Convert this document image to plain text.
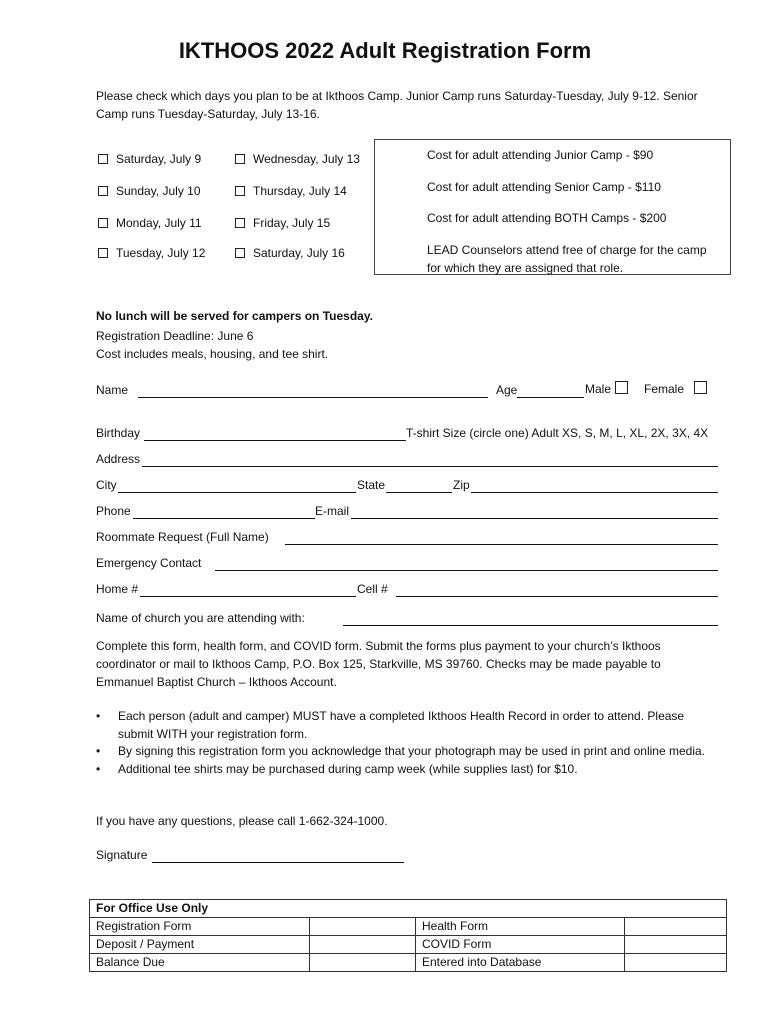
IKTHOOS 2022 Adult Registration Form
Please check which days you plan to be at Ikthoos Camp. Junior Camp runs Saturday-Tuesday, July 9-12. Senior Camp runs Tuesday-Saturday, July 13-16.
Saturday, July 9
Sunday, July 10
Monday, July 11
Tuesday, July 12
Wednesday, July 13
Thursday, July 14
Friday, July 15
Saturday, July 16
Cost for adult attending Junior Camp - $90
Cost for adult attending Senior Camp - $110
Cost for adult attending BOTH Camps - $200
LEAD Counselors attend free of charge for the camp
for which they are assigned that role.
No lunch will be served for campers on Tuesday.
Registration Deadline: June 6
Cost includes meals, housing, and tee shirt.
Name	Age	Male	Female
Birthday	T-shirt Size (circle one) Adult XS, S, M, L, XL, 2X, 3X, 4X
Address
City	State	Zip
Phone	E-mail
Roommate Request (Full Name)
Emergency Contact
Home #	Cell #
Name of church you are attending with:
Complete this form, health form, and COVID form. Submit the forms plus payment to your church’s Ikthoos coordinator or mail to Ikthoos Camp, P.O. Box 125, Starkville, MS 39760. Checks may be made payable to Emmanuel Baptist Church – Ikthoos Account.
• Each person (adult and camper) MUST have a completed Ikthoos Health Record in order to attend. Please submit WITH your registration form.
• By signing this registration form you acknowledge that your photograph may be used in print and online media.
• Additional tee shirts may be purchased during camp week (while supplies last) for $10.
If you have any questions, please call 1-662-324-1000.
Signature
For Office Use Only			
Registration Form		Health Form	
Deposit / Payment		COVID Form	
Balance Due		Entered into Database	
